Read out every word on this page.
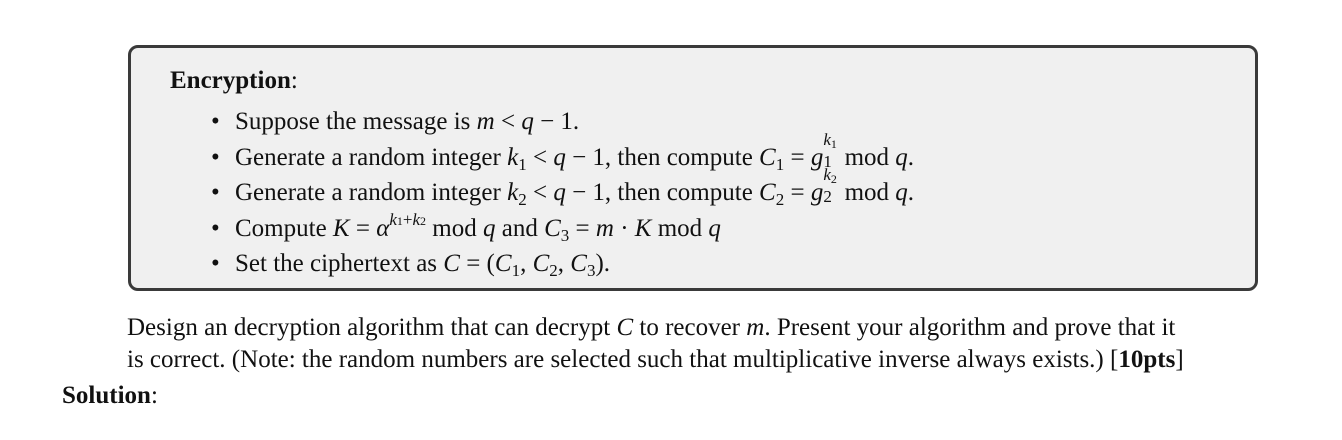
Encryption:
• Suppose the message is m < q − 1.
• Generate a random integer $k_1 < q - 1$, then compute $C_1 = g$
k1
1 mod q.
• Generate a random integer $k_2 < q - 1$, then compute $C_2 = g$
k2
2 mod q.
• Compute $K = \alpha^{k1+k2}$ mod q and $C_3 = m \cdot K$ mod q
• Set the ciphertext as $C = (C_1$, $C_2$, $C_3$).

Design an decryption algorithm that can decrypt C to recover m. Present your algorithm and prove that it

is correct. (Note: the random numbers are selected such that multiplicative inverse always exists.) [10pts]

Solution:
